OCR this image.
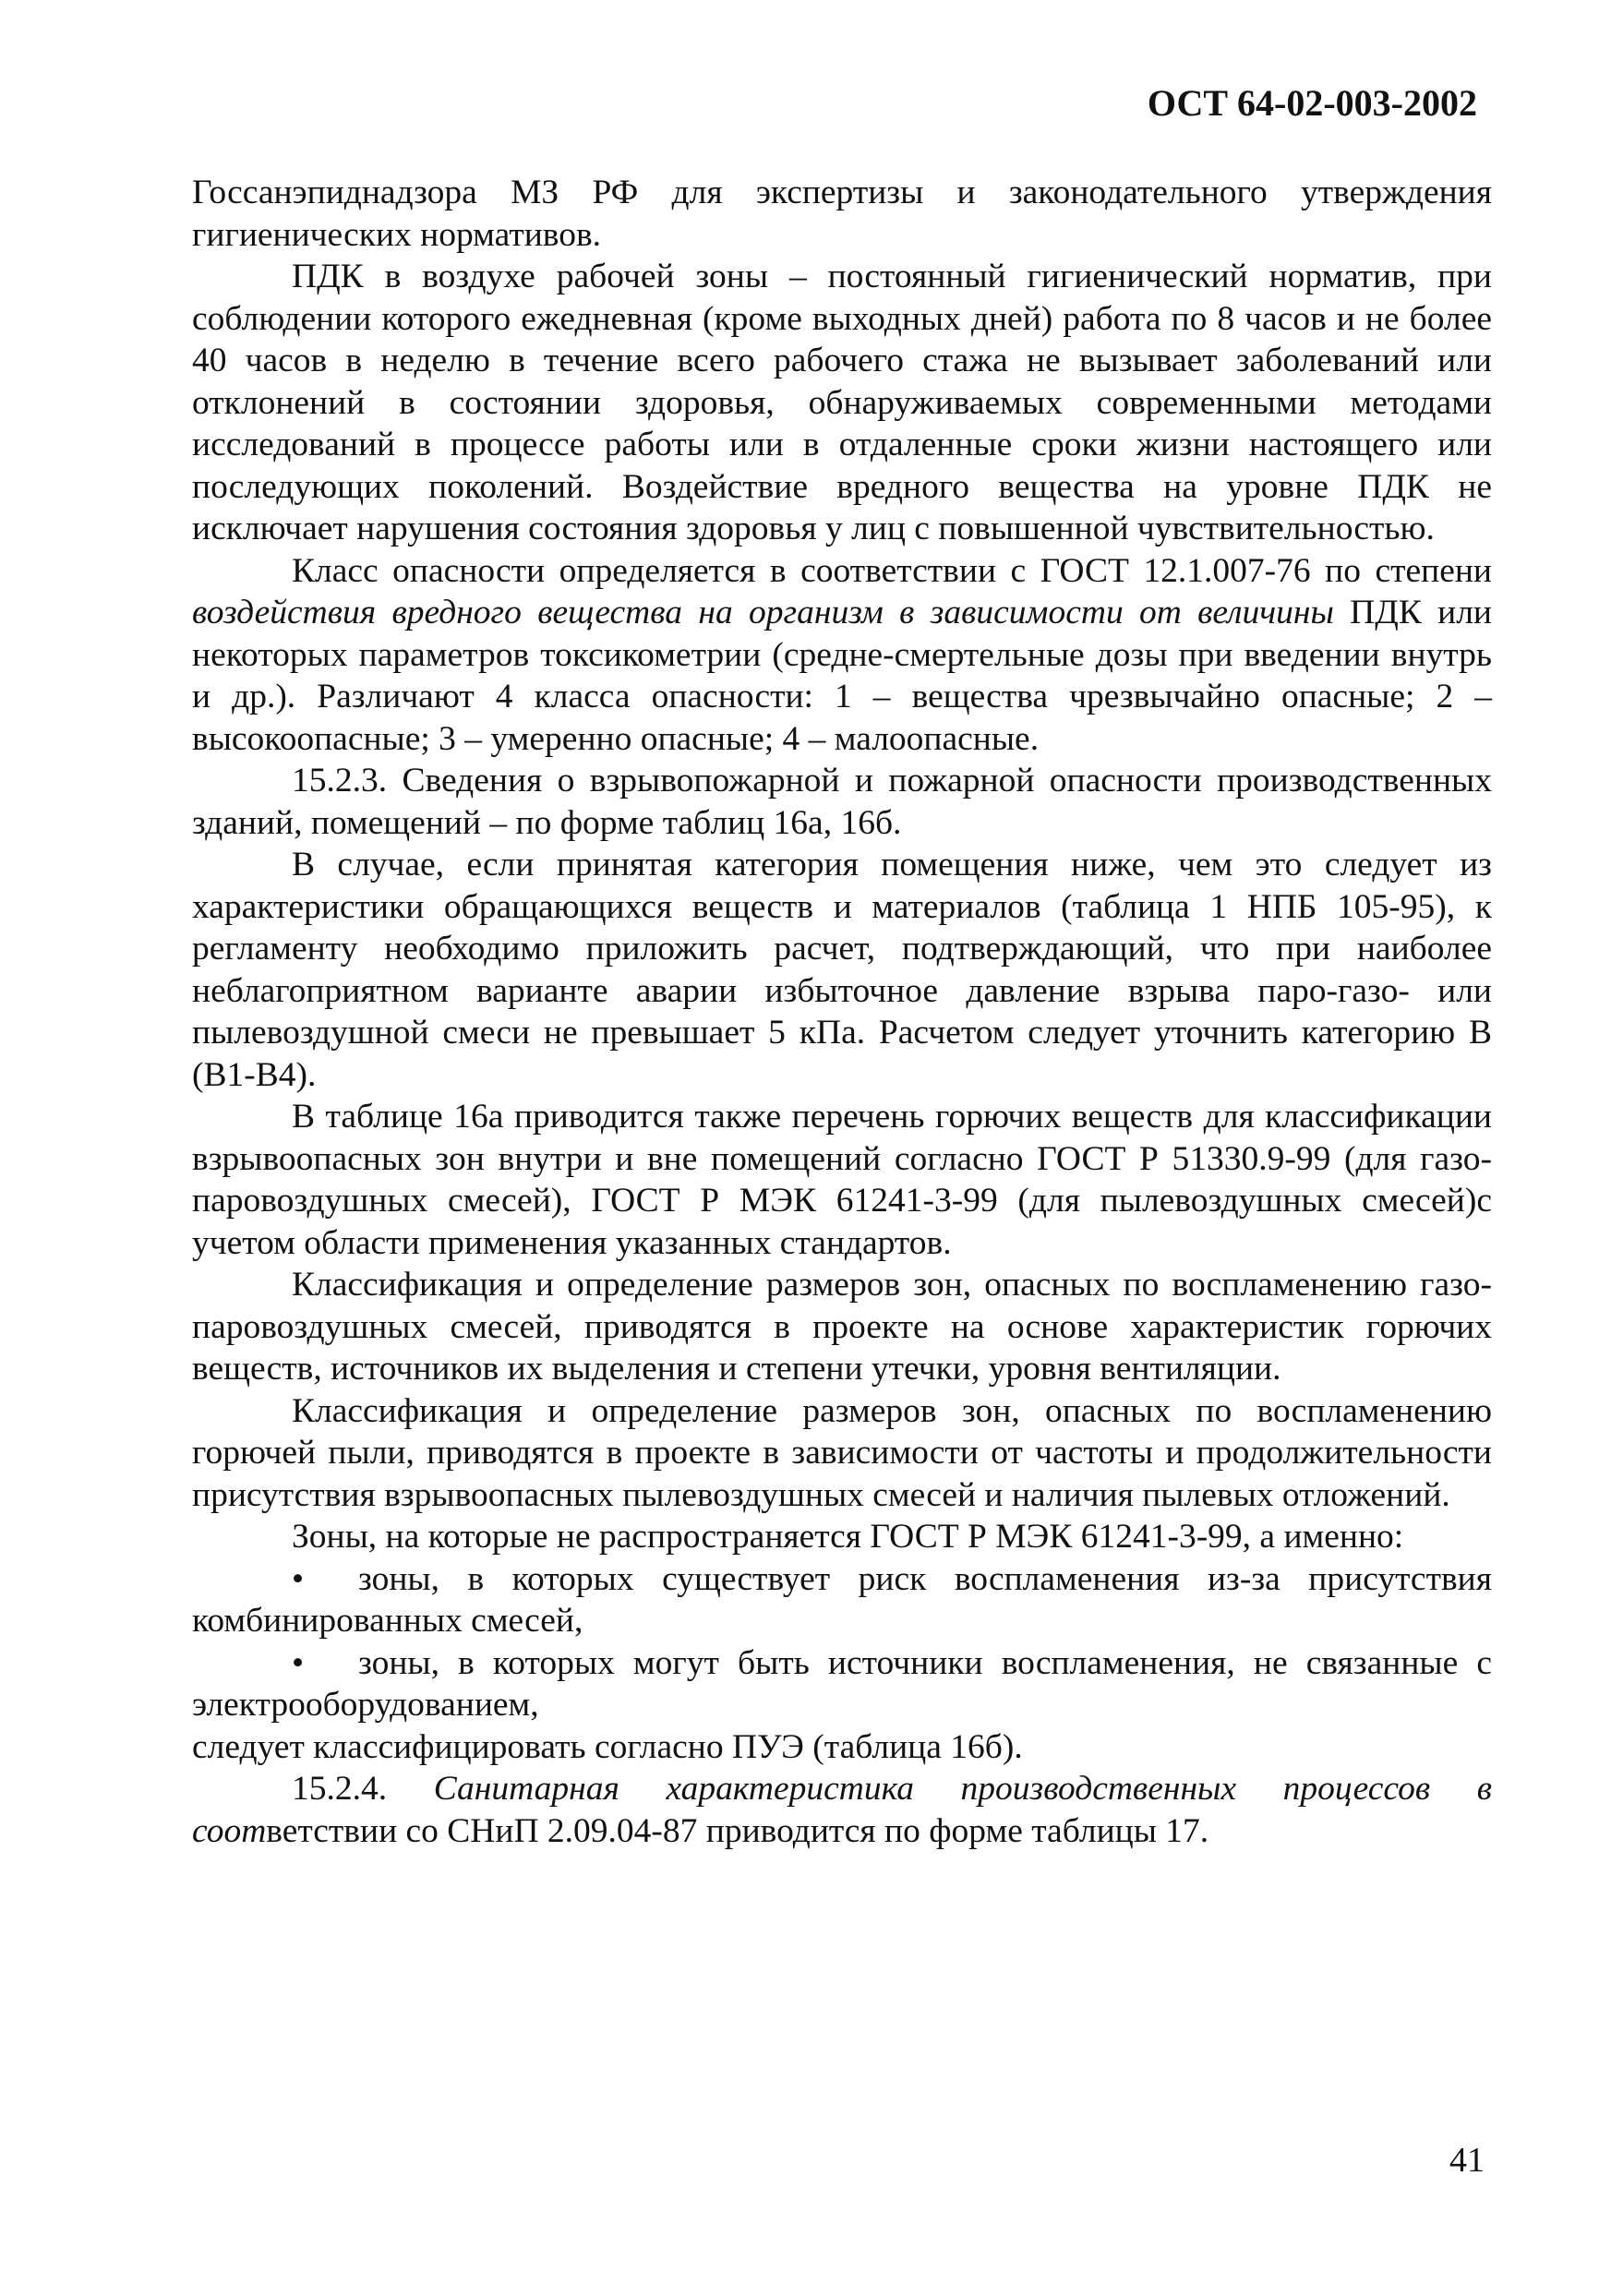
ОСТ 64-02-003-2002

Госсанэпиднадзора МЗ РФ для экспертизы и законодательного утверждения гигиенических нормативов.

ПДК в воздухе рабочей зоны – постоянный гигиенический норматив, при соблюдении которого ежедневная (кроме выходных дней) работа по 8 часов и не более 40 часов в неделю в течение всего рабочего стажа не вызывает заболеваний или отклонений в состоянии здоровья, обнаруживаемых современными методами исследований в процессе работы или в отдаленные сроки жизни настоящего или последующих поколений. Воздействие вредного вещества на уровне ПДК не исключает нарушения состояния здоровья у лиц с повышенной чувствительностью.

Класс опасности определяется в соответствии с ГОСТ 12.1.007-76 по степени воздействия вредного вещества на организм в зависимости от величины ПДК или некоторых параметров токсикометрии (средне-смертельные дозы при введении внутрь и др.). Различают 4 класса опасности: 1 – вещества чрезвычайно опасные; 2 – высокоопасные; 3 – умеренно опасные; 4 – малоопасные.

15.2.3. Сведения о взрывопожарной и пожарной опасности производственных зданий, помещений – по форме таблиц 16а, 16б.

В случае, если принятая категория помещения ниже, чем это следует из характеристики обращающихся веществ и материалов (таблица 1 НПБ 105-95), к регламенту необходимо приложить расчет, подтверждающий, что при наиболее неблагоприятном варианте аварии избыточное давление взрыва паро-газо- или пылевоздушной смеси не превышает 5 кПа. Расчетом следует уточнить категорию В (В1-В4).

В таблице 16а приводится также перечень горючих веществ для классификации взрывоопасных зон внутри и вне помещений согласно ГОСТ Р 51330.9-99 (для газо-паровоздушных смесей), ГОСТ Р МЭК 61241-3-99 (для пылевоздушных смесей)с учетом области применения указанных стандартов.

Классификация и определение размеров зон, опасных по воспламенению газо-паровоздушных смесей, приводятся в проекте на основе характеристик горючих веществ, источников их выделения и степени утечки, уровня вентиляции.

Классификация и определение размеров зон, опасных по воспламенению горючей пыли, приводятся в проекте в зависимости от частоты и продолжительности присутствия взрывоопасных пылевоздушных смесей и наличия пылевых отложений.

Зоны, на которые не распространяется ГОСТ Р МЭК 61241-3-99, а именно:

• зоны, в которых существует риск воспламенения из-за присутствия комбинированных смесей,

• зоны, в которых могут быть источники воспламенения, не связанные с электрооборудованием,

следует классифицировать согласно ПУЭ (таблица 16б).

15.2.4. Санитарная характеристика производственных процессов в соответствии со СНиП 2.09.04-87 приводится по форме таблицы 17.

41
